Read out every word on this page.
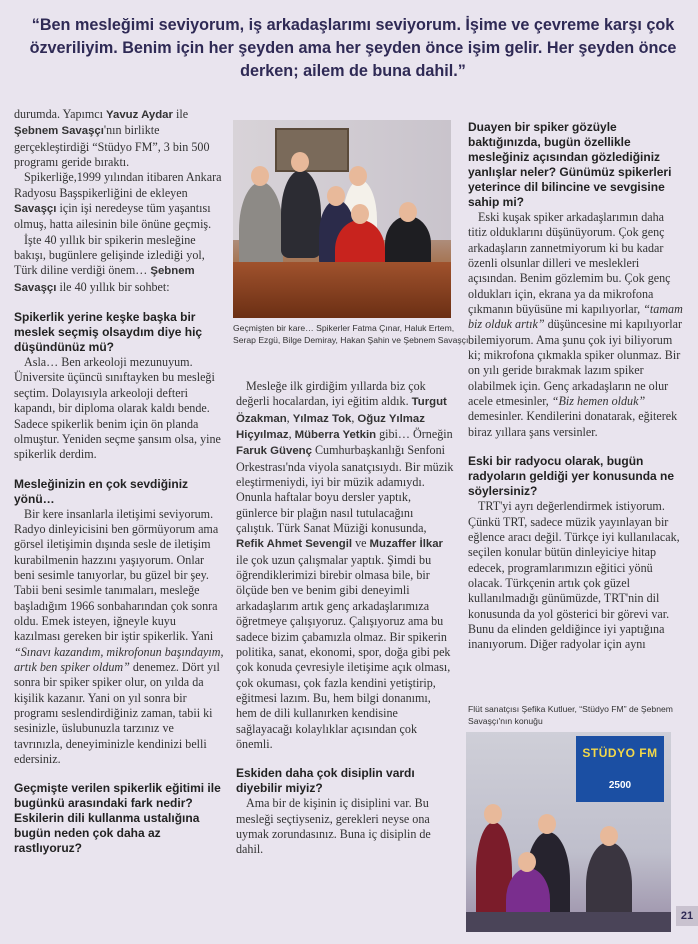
“Ben mesleğimi seviyorum, iş arkadaşlarımı seviyorum. İşime ve çevreme karşı çok özveriliyim. Benim için her şeyden ama her şeyden önce işim gelir. Her şeyden önce derken; ailem de buna dahil.”

durumda. Yapımcı Yavuz Aydar ile Şebnem Savaşçı'nın birlikte gerçekleştirdiği “Stüdyo FM”, 3 bin 500 programı geride bıraktı.

Spikerliğe,1999 yılından itibaren Ankara Radyosu Başspikerliğini de ekleyen Savaşçı için işi neredeyse tüm yaşantısı olmuş, hatta ailesinin bile önüne geçmiş.

İşte 40 yıllık bir spikerin mesleğine bakışı, bugünlere gelişinde izlediği yol, Türk diline verdiği önem… Şebnem Savaşçı ile 40 yıllık bir sohbet:

Spikerlik yerine keşke başka bir meslek seçmiş olsaydım diye hiç düşündünüz mü?

Asla… Ben arkeoloji mezunuyum. Üniversite üçüncü sınıftayken bu mesleği seçtim. Dolayısıyla arkeoloji defteri kapandı, bir diploma olarak kaldı bende. Sadece spikerlik benim için ön planda olmuştur. Yeniden seçme şansım olsa, yine spikerlik derdim.

Mesleğinizin en çok sevdiğiniz yönü…

Bir kere insanlarla iletişimi seviyorum. Radyo dinleyicisini ben görmüyorum ama görsel iletişimin dışında sesle de iletişim kurabilmenin hazzını yaşıyorum. Onlar beni sesimle tanıyorlar, bu güzel bir şey. Tabii beni sesimle tanımaları, mesleğe başladığım 1966 sonbaharından çok sonra oldu. Emek isteyen, iğneyle kuyu kazılması gereken bir iştir spikerlik. Yani “Sınavı kazandım, mikrofonun başındayım, artık ben spiker oldum” denemez. Dört yıl sonra bir spiker spiker olur, on yılda da kişilik kazanır. Yani on yıl sonra bir programı seslendirdiğiniz zaman, tabii ki sesinizle, üslubunuzla tarzınız ve tavrınızla, deneyiminizle kendinizi belli edersiniz.

Geçmişte verilen spikerlik eğitimi ile bugünkü arasındaki fark nedir? Eskilerin dili kullanma ustalığına bugün neden çok daha az rastlıyoruz?

Geçmişten bir kare… Spikerler Fatma Çınar, Haluk Ertem, Serap Ezgü, Bilge Demiray, Hakan Şahin ve Şebnem Savaşçı.

Mesleğe ilk girdiğim yıllarda biz çok değerli hocalardan, iyi eğitim aldık. Turgut Özakman, Yılmaz Tok, Oğuz Yılmaz Hiçyılmaz, Müberra Yetkin gibi… Örneğin Faruk Güvenç Cumhurbaşkanlığı Senfoni Orkestrası'nda viyola sanatçısıydı. Bir müzik eleştirmeniydi, iyi bir müzik adamıydı. Onunla haftalar boyu dersler yaptık, günlerce bir plağın nasıl tutulacağını çalıştık. Türk Sanat Müziği konusunda, Refik Ahmet Sevengil ve Muzaffer İlkar ile çok uzun çalışmalar yaptık. Şimdi bu öğrendiklerimizi birebir olmasa bile, bir ölçüde ben ve benim gibi deneyimli arkadaşlarım artık genç arkadaşlarımıza öğretmeye çalışıyoruz. Çalışıyoruz ama bu sadece bizim çabamızla olmaz. Bir spikerin politika, sanat, ekonomi, spor, doğa gibi pek çok konuda çevresiyle iletişime açık olması, çok okuması, çok fazla kendini yetiştirip, eğitmesi lazım. Bu, hem bilgi donanımı, hem de dili kullanırken kendisine sağlayacağı kolaylıklar açısından çok önemli.

Eskiden daha çok disiplin vardı diyebilir miyiz?

Ama bir de kişinin iç disiplini var. Bu mesleği seçtiyseniz, gerekleri neyse ona uymak zorundasınız. Buna iç disiplin de dahil.

Duayen bir spiker gözüyle baktığınızda, bugün özellikle mesleğiniz açısından gözlediğiniz yanlışlar neler? Günümüz spikerleri yeterince dil bilincine ve sevgisine sahip mi?

Eski kuşak spiker arkadaşlarımın daha titiz olduklarını düşünüyorum. Çok genç arkadaşların zannetmiyorum ki bu kadar özenli olsunlar dilleri ve meslekleri açısından. Benim gözlemim bu. Çok genç oldukları için, ekrana ya da mikrofona çıkmanın büyüsüne mi kapılıyorlar, “tamam biz olduk artık” düşüncesine mi kapılıyorlar bilemiyorum. Ama şunu çok iyi biliyorum ki; mikrofona çıkmakla spiker olunmaz. Bir on yılı geride bırakmak lazım spiker olabilmek için. Genç arkadaşların ne olur acele etmesinler, “Biz hemen olduk” demesinler. Kendilerini donatarak, eğiterek biraz yıllara şans versinler.

Eski bir radyocu olarak, bugün radyoların geldiği yer konusunda ne söylersiniz?

TRT'yi ayrı değerlendirmek istiyorum. Çünkü TRT, sadece müzik yayınlayan bir eğlence aracı değil. Türkçe iyi kullanılacak, seçilen konular bütün dinleyiciye hitap edecek, programlarımızın eğitici yönü olacak. Türkçenin artık çok güzel kullanılmadığı günümüzde, TRT'nin dil konusunda da yol gösterici bir görevi var. Bunu da elinden geldiğince iyi yaptığına inanıyorum. Diğer radyolar için aynı

Flüt sanatçısı Şefika Kutluer, “Stüdyo FM” de Şebnem Savaşçı'nın konuğu
STÜDYO FM
2500
21
